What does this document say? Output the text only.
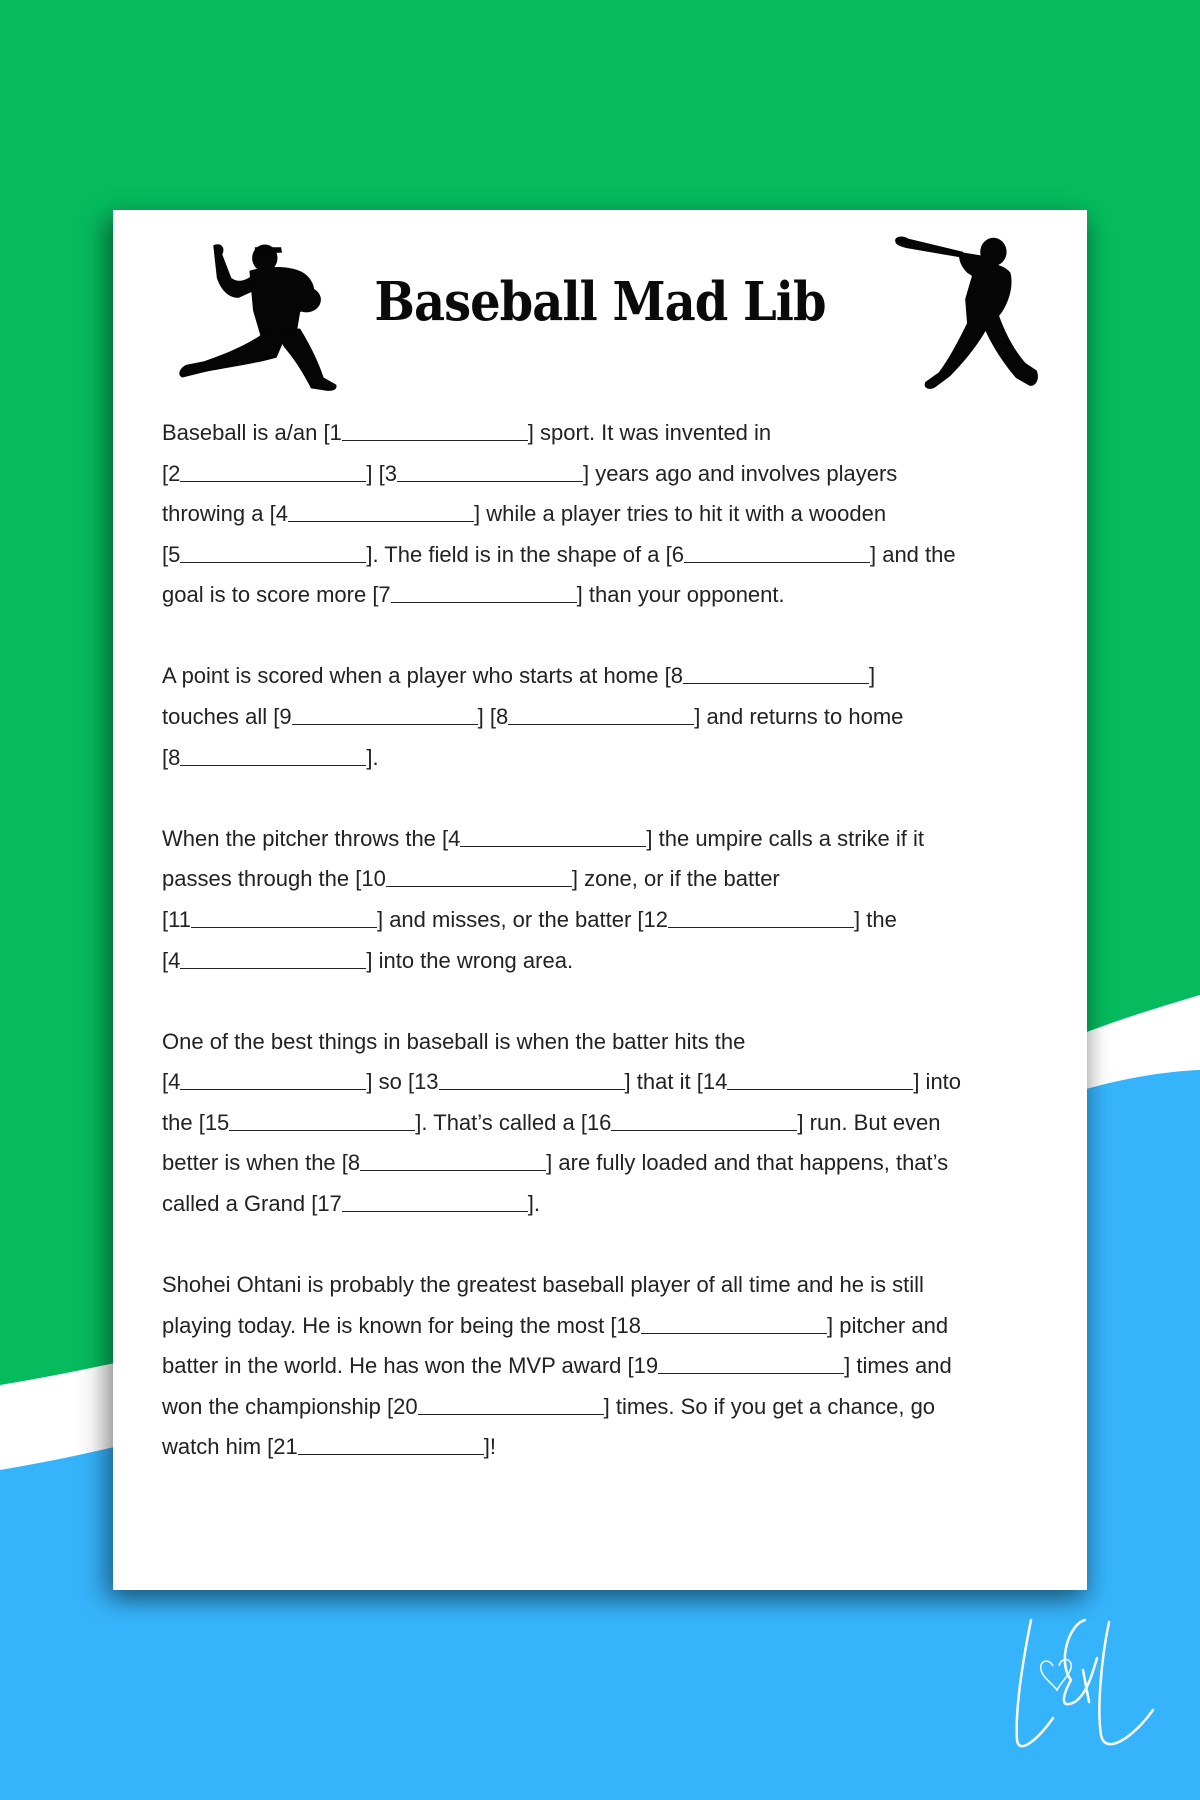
Baseball Mad Lib
Baseball is a/an [1	] sport. It was invented in
[2	] [3	] years ago and involves players
throwing a [4	] while a player tries to hit it with a wooden
[5	]. The field is in the shape of a [6	] and the
goal is to score more [7	] than your opponent.
A point is scored when a player who starts at home [8	]
touches all [9	] [8	] and returns to home
[8	].
When the pitcher throws the [4	] the umpire calls a strike if it
passes through the [10	] zone, or if the batter
[11	] and misses, or the batter [12	] the
[4	] into the wrong area.
One of the best things in baseball is when the batter hits the
[4	] so [13	] that it [14	] into
the [15	]. That’s called a [16	] run. But even
better is when the [8	] are fully loaded and that happens, that’s
called a Grand [17	].
Shohei Ohtani is probably the greatest baseball player of all time and he is still
playing today. He is known for being the most [18	] pitcher and
batter in the world. He has won the MVP award [19	] times and
won the championship [20	] times. So if you get a chance, go
watch him [21	]!
